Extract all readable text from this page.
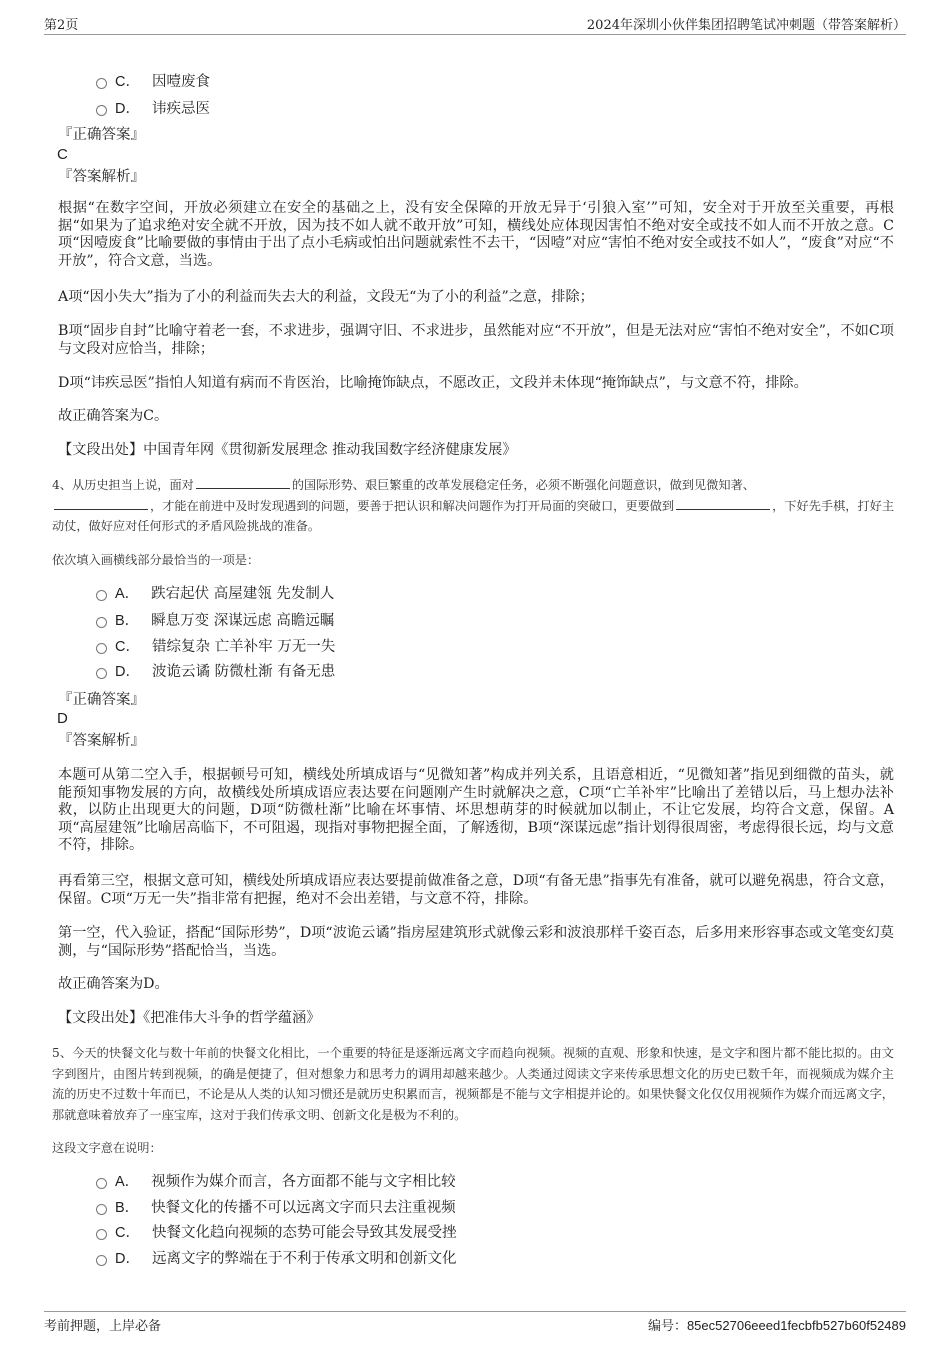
第2页	2024年深圳小伙伴集团招聘笔试冲刺题（带答案解析）
C． 因噎废食
D． 讳疾忌医
『正确答案』
C
『答案解析』
根据“在数字空间，开放必须建立在安全的基础之上，没有安全保障的开放无异于‘引狼入室’”可知，安全对于开放至关重要，再根据“如果为了追求绝对安全就不开放，因为技不如人就不敢开放”可知，横线处应体现因害怕不绝对安全或技不如人而不开放之意。C项“因噎废食”比喻要做的事情由于出了点小毛病或怕出问题就索性不去干，“因噎”对应“害怕不绝对安全或技不如人”，“废食”对应“不开放”，符合文意，当选。
A项“因小失大”指为了小的利益而失去大的利益，文段无“为了小的利益”之意，排除；
B项“固步自封”比喻守着老一套，不求进步，强调守旧、不求进步，虽然能对应“不开放”，但是无法对应“害怕不绝对安全”，不如C项与文段对应恰当，排除；
D项“讳疾忌医”指怕人知道有病而不肯医治，比喻掩饰缺点，不愿改正，文段并未体现“掩饰缺点”，与文意不符，排除。
故正确答案为C。
【文段出处】中国青年网《贯彻新发展理念 推动我国数字经济健康发展》
4、从历史担当上说，面对	的国际形势、艰巨繁重的改革发展稳定任务，必须不断强化问题意识，做到见微知著、
，才能在前进中及时发现遇到的问题，要善于把认识和解决问题作为打开局面的突破口，更要做到	，下好先手棋，打好主动仗，做好应对任何形式的矛盾风险挑战的准备。
依次填入画横线部分最恰当的一项是：
A． 跌宕起伏 高屋建瓴 先发制人
B． 瞬息万变 深谋远虑 高瞻远瞩
C． 错综复杂 亡羊补牢 万无一失
D． 波诡云谲 防微杜渐 有备无患
『正确答案』
D
『答案解析』
本题可从第二空入手，根据顿号可知，横线处所填成语与“见微知著”构成并列关系，且语意相近，“见微知著”指见到细微的苗头，就能预知事物发展的方向，故横线处所填成语应表达要在问题刚产生时就解决之意，C项“亡羊补牢”比喻出了差错以后，马上想办法补救，以防止出现更大的问题，D项“防微杜渐”比喻在坏事情、坏思想萌芽的时候就加以制止，不让它发展，均符合文意，保留。A项“高屋建瓴”比喻居高临下，不可阻遏，现指对事物把握全面，了解透彻，B项“深谋远虑”指计划得很周密，考虑得很长远，均与文意不符，排除。
再看第三空，根据文意可知，横线处所填成语应表达要提前做准备之意，D项“有备无患”指事先有准备，就可以避免祸患，符合文意，保留。C项“万无一失”指非常有把握，绝对不会出差错，与文意不符，排除。
第一空，代入验证，搭配“国际形势”，D项“波诡云谲”指房屋建筑形式就像云彩和波浪那样千姿百态，后多用来形容事态或文笔变幻莫测，与“国际形势”搭配恰当，当选。
故正确答案为D。
【文段出处】《把准伟大斗争的哲学蕴涵》
5、今天的快餐文化与数十年前的快餐文化相比，一个重要的特征是逐渐远离文字而趋向视频。视频的直观、形象和快速，是文字和图片都不能比拟的。由文字到图片，由图片转到视频，的确是便捷了，但对想象力和思考力的调用却越来越少。人类通过阅读文字来传承思想文化的历史已数千年，而视频成为媒介主流的历史不过数十年而已，不论是从人类的认知习惯还是就历史积累而言，视频都是不能与文字相提并论的。如果快餐文化仅仅用视频作为媒介而远离文字，那就意味着放弃了一座宝库，这对于我们传承文明、创新文化是极为不利的。
这段文字意在说明：
A． 视频作为媒介而言，各方面都不能与文字相比较
B． 快餐文化的传播不可以远离文字而只去注重视频
C． 快餐文化趋向视频的态势可能会导致其发展受挫
D． 远离文字的弊端在于不利于传承文明和创新文化
考前押题，上岸必备	编号：85ec52706eeed1fecbfb527b60f52489
